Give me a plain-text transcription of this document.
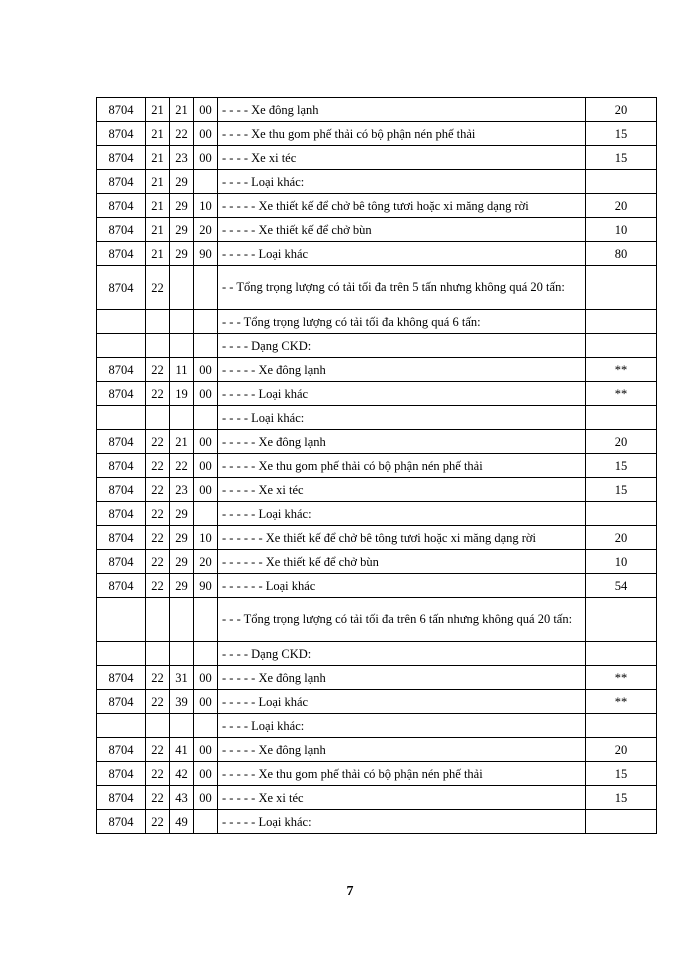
8704	21	21	00	- - - - Xe đông lạnh	20
8704	21	22	00	- - - - Xe thu gom phế thải có bộ phận nén phế thải	15
8704	21	23	00	- - - - Xe xi téc	15
8704	21	29		- - - - Loại khác:	
8704	21	29	10	- - - - - Xe thiết kế để chở bê tông tươi hoặc xi măng dạng rời	20
8704	21	29	20	- - - - - Xe thiết kế để chở bùn	10
8704	21	29	90	- - - - - Loại khác	80
8704	22			- - Tổng trọng lượng có tải tối đa trên 5 tấn nhưng không quá 20 tấn:	
				- - - Tổng trọng lượng có tải tối đa không quá 6 tấn:	
				- - - - Dạng CKD:	
8704	22	11	00	- - - - - Xe đông lạnh	**
8704	22	19	00	- - - - - Loại khác	**
				- - - - Loại khác:	
8704	22	21	00	- - - - - Xe đông lạnh	20
8704	22	22	00	- - - - - Xe thu gom phế thải có bộ phận nén phế thải	15
8704	22	23	00	- - - - - Xe xi téc	15
8704	22	29		- - - - - Loại khác:	
8704	22	29	10	- - - - - - Xe thiết kế để chở bê tông tươi hoặc xi măng dạng rời	20
8704	22	29	20	- - - - - - Xe thiết kế để chở bùn	10
8704	22	29	90	- - - - - - Loại khác	54
				- - - Tổng trọng lượng có tải tối đa trên 6 tấn nhưng không quá 20 tấn:	
				- - - - Dạng CKD:	
8704	22	31	00	- - - - - Xe đông lạnh	**
8704	22	39	00	- - - - - Loại khác	**
				- - - - Loại khác:	
8704	22	41	00	- - - - - Xe đông lạnh	20
8704	22	42	00	- - - - - Xe thu gom phế thải có bộ phận nén phế thải	15
8704	22	43	00	- - - - - Xe xi téc	15
8704	22	49		- - - - - Loại khác:	
7
